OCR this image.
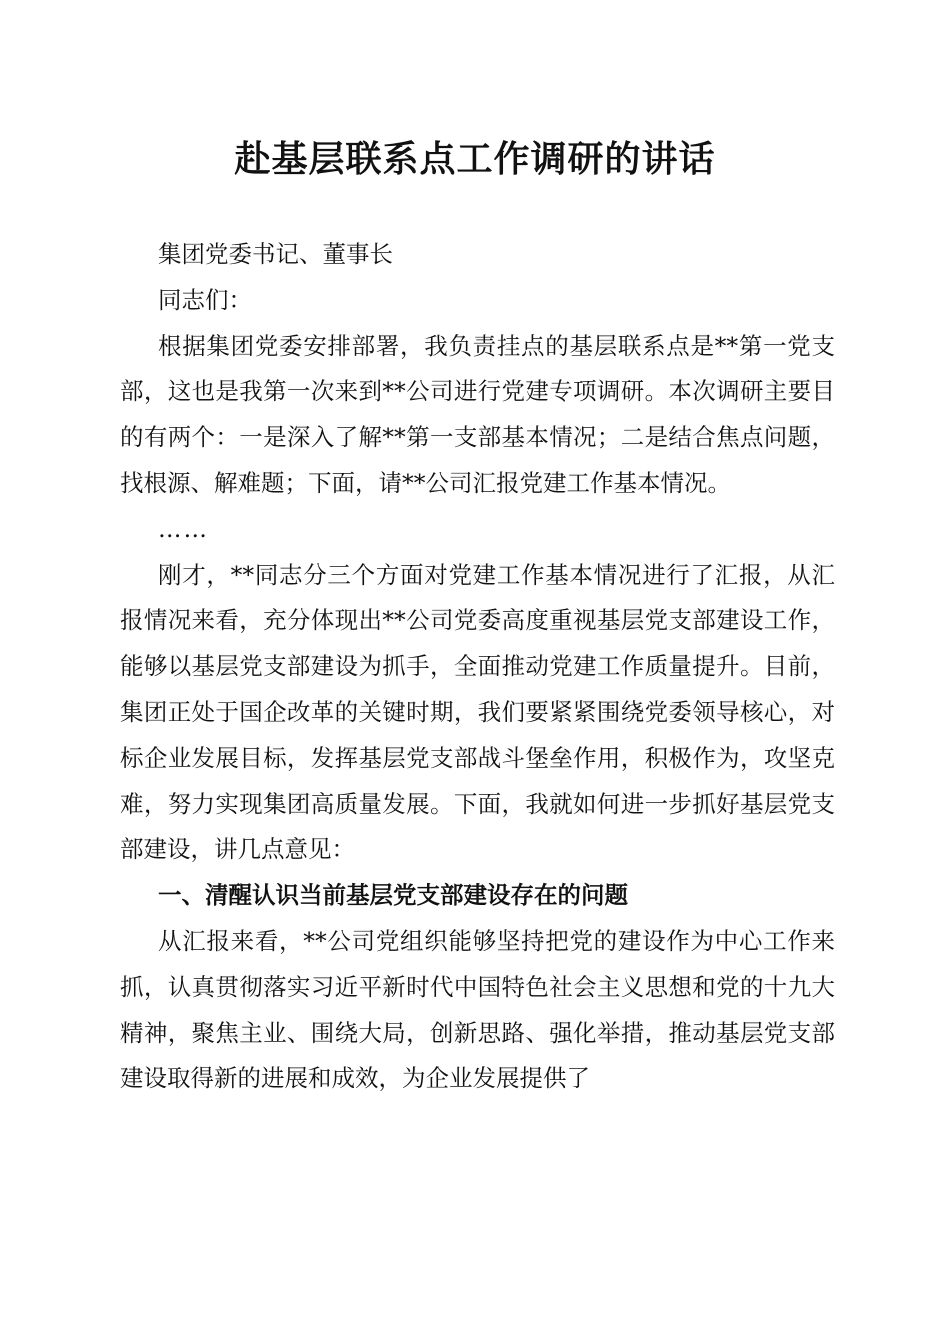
赴基层联系点工作调研的讲话

集团党委书记、董事长

同志们：

根据集团党委安排部署，我负责挂点的基层联系点是**第一党支部，这也是我第一次来到**公司进行党建专项调研。本次调研主要目的有两个：一是深入了解**第一支部基本情况；二是结合焦点问题，找根源、解难题；下面，请**公司汇报党建工作基本情况。

……

刚才，**同志分三个方面对党建工作基本情况进行了汇报，从汇报情况来看，充分体现出**公司党委高度重视基层党支部建设工作，能够以基层党支部建设为抓手，全面推动党建工作质量提升。目前，集团正处于国企改革的关键时期，我们要紧紧围绕党委领导核心，对标企业发展目标，发挥基层党支部战斗堡垒作用，积极作为，攻坚克难，努力实现集团高质量发展。下面，我就如何进一步抓好基层党支部建设，讲几点意见：

一、清醒认识当前基层党支部建设存在的问题

从汇报来看，**公司党组织能够坚持把党的建设作为中心工作来抓，认真贯彻落实习近平新时代中国特色社会主义思想和党的十九大精神，聚焦主业、围绕大局，创新思路、强化举措，推动基层党支部建设取得新的进展和成效，为企业发展提供了
